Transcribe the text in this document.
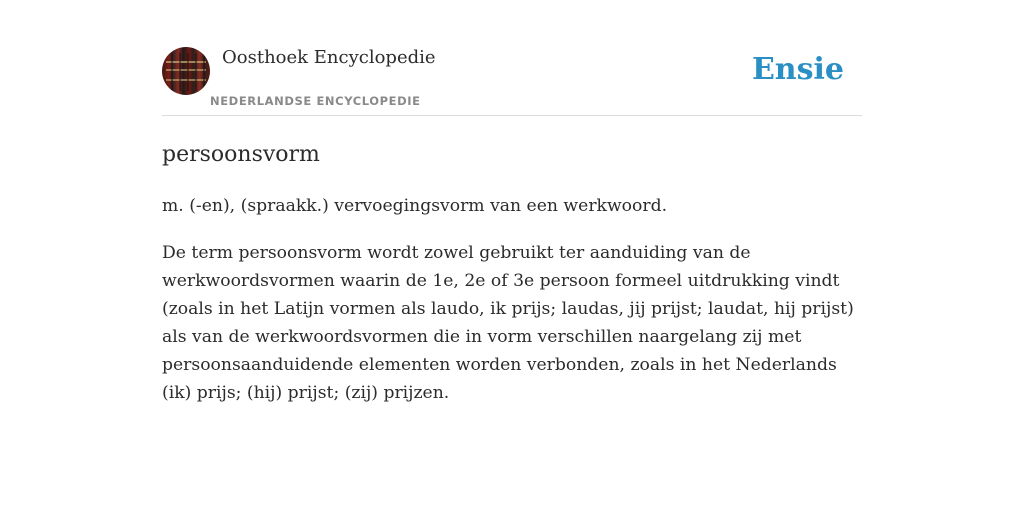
Oosthoek Encyclopedie
NEDERLANDSE ENCYCLOPEDIE
Ensie
persoonsvorm

m. (-en), (spraakk.) vervoegingsvorm van een werkwoord.

De term persoonsvorm wordt zowel gebruikt ter aanduiding van de werkwoordsvormen waarin de 1e, 2e of 3e persoon formeel uitdrukking vindt (zoals in het Latijn vormen als laudo, ik prijs; laudas, jij prijst; laudat, hij prijst) als van de werkwoordsvormen die in vorm verschillen naargelang zij met persoonsaanduidende elementen worden verbonden, zoals in het Nederlands (ik) prijs; (hij) prijst; (zij) prijzen.
